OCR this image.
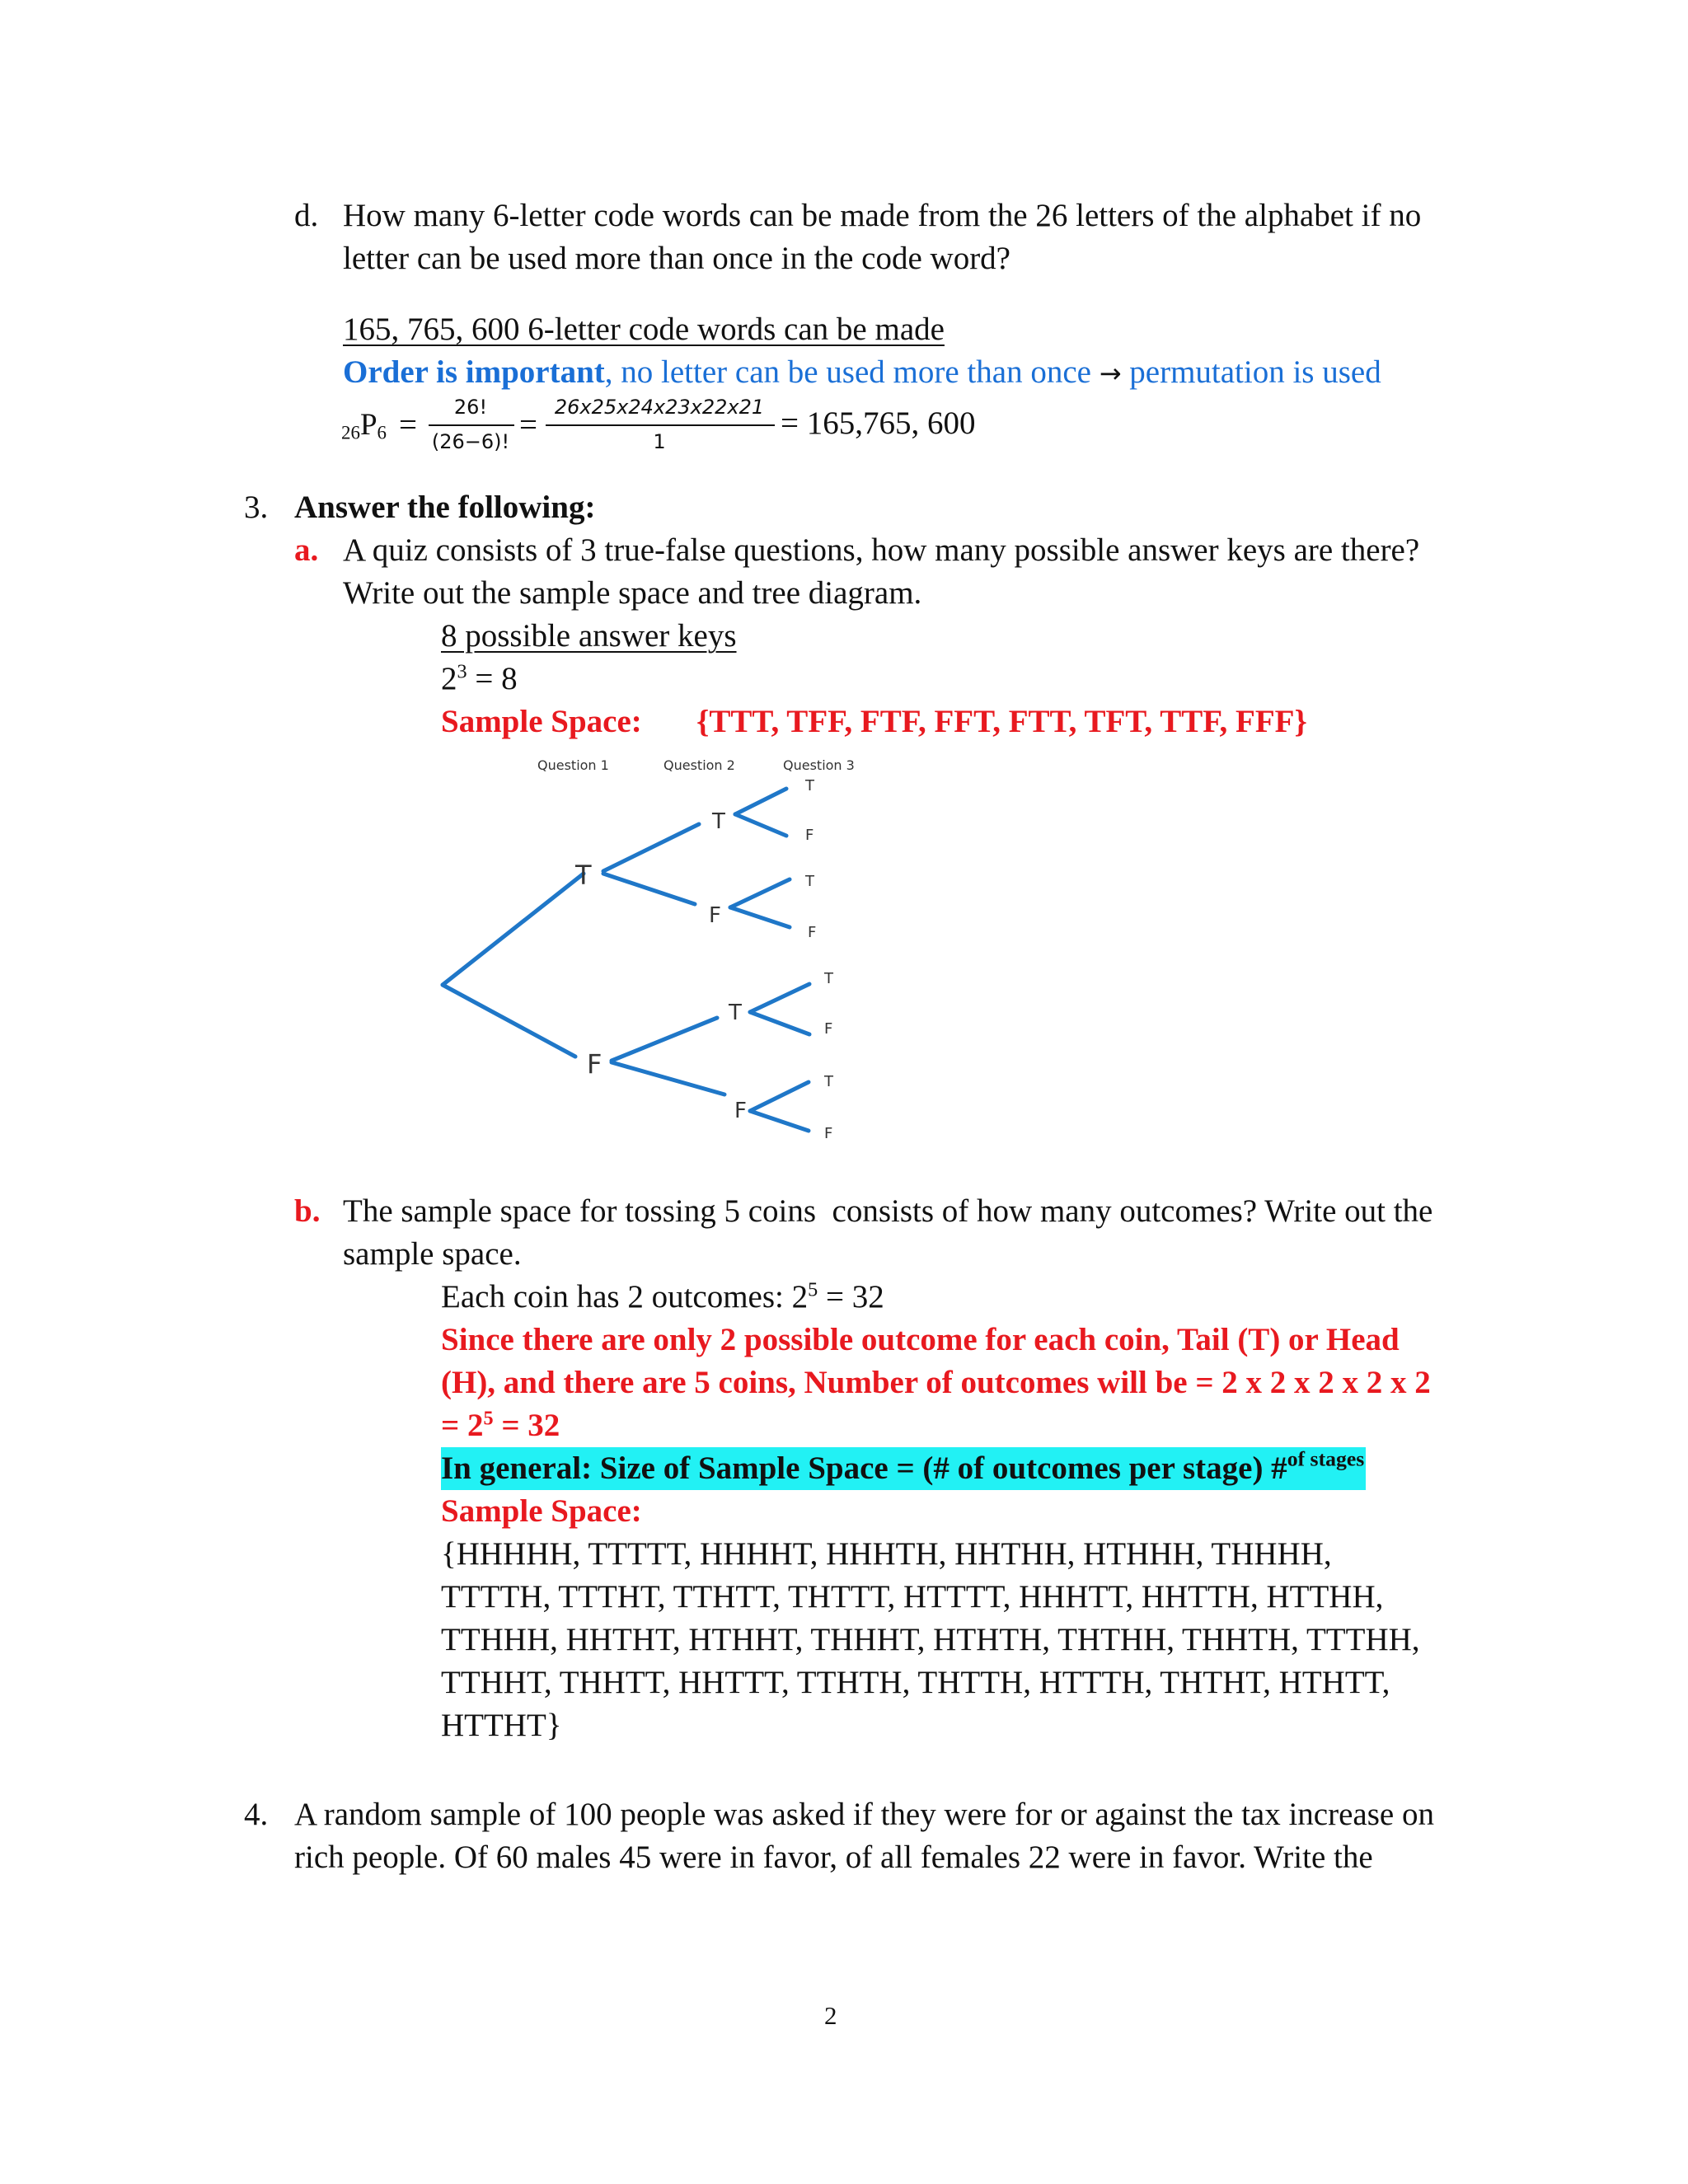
d. How many 6-letter code words can be made from the 26 letters of the alphabet if no
letter can be used more than once in the code word?
165, 765, 600 6-letter code words can be made
Order is important, no letter can be used more than once → permutation is used
$_{26}P_6$ =	26!
(26−6)! = 26x25x24x23x22x21
1
= 165,765, 600
3. Answer the following:
a. A quiz consists of 3 true-false questions, how many possible answer keys are there?
Write out the sample space and tree diagram.
8 possible answer keys
$2^3 = 8$
Sample Space: {TTT, TFF, FTF, FFT, FTT, TFT, TTF, FFF}
Question 1	Question 2	Question 3
T
F
T
F
T
F
T
F
T
F
T
F
T
F
b. The sample space for tossing 5 coins  consists of how many outcomes? Write out the
sample space.
Each coin has 2 outcomes: $2^5 = 32$
Since there are only 2 possible outcome for each coin, Tail (T) or Head
(H), and there are 5 coins, Number of outcomes will be = 2 x 2 x 2 x 2 x 2
= $2^5 = 32$
In general: Size of Sample Space = (# of outcomes per stage) #$^{of stages}$
Sample Space:
{HHHHH, TTTTT, HHHHT, HHHTH, HHTHH, HTHHH, THHHH,
TTTTH, TTTHT, TTHTT, THTTT, HTTTT, HHHTT, HHTTH, HTTHH,
TTHHH, HHTHT, HTHHT, THHHT, HTHTH, THTHH, THHTH, TTTHH,
TTHHT, THHTT, HHTTT, TTHTH, THTTH, HTTTH, THTHT, HTHTT,
HTTHT}
4. A random sample of 100 people was asked if they were for or against the tax increase on
rich people. Of 60 males 45 were in favor, of all females 22 were in favor. Write the
2
